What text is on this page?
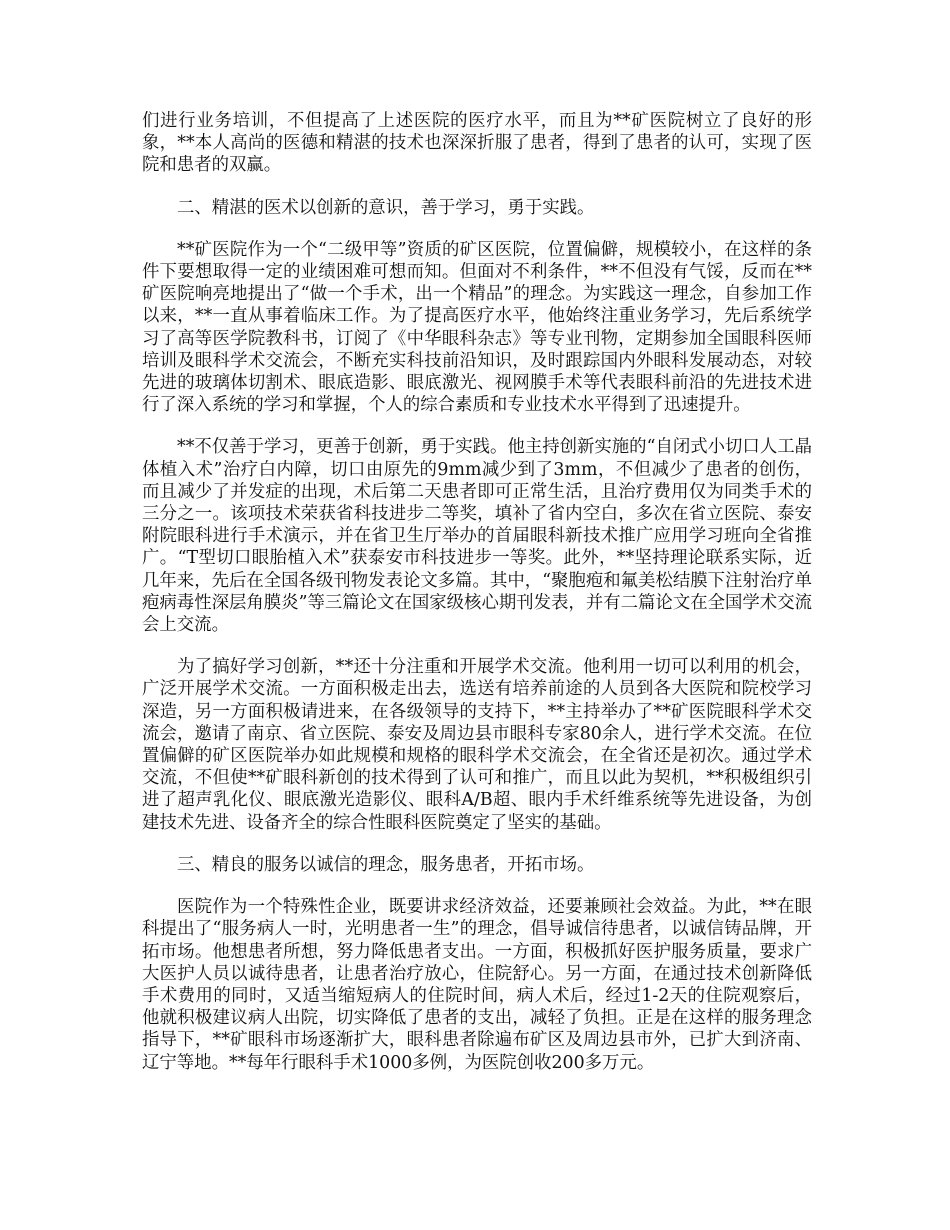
们进行业务培训，不但提高了上述医院的医疗水平，而且为**矿医院树立了良好的形象，**本人高尚的医德和精湛的技术也深深折服了患者，得到了患者的认可，实现了医院和患者的双赢。

二、精湛的医术以创新的意识，善于学习，勇于实践。

**矿医院作为一个“二级甲等”资质的矿区医院，位置偏僻，规模较小，在这样的条件下要想取得一定的业绩困难可想而知。但面对不利条件，**不但没有气馁，反而在**矿医院响亮地提出了“做一个手术，出一个精品”的理念。为实践这一理念，自参加工作以来，**一直从事着临床工作。为了提高医疗水平，他始终注重业务学习，先后系统学习了高等医学院教科书，订阅了《中华眼科杂志》等专业刊物，定期参加全国眼科医师培训及眼科学术交流会，不断充实科技前沿知识，及时跟踪国内外眼科发展动态，对较先进的玻璃体切割术、眼底造影、眼底激光、视网膜手术等代表眼科前沿的先进技术进行了深入系统的学习和掌握，个人的综合素质和专业技术水平得到了迅速提升。

**不仅善于学习，更善于创新，勇于实践。他主持创新实施的“自闭式小切口人工晶体植入术”治疗白内障，切口由原先的9mm减少到了3mm，不但减少了患者的创伤，而且减少了并发症的出现，术后第二天患者即可正常生活，且治疗费用仅为同类手术的三分之一。该项技术荣获省科技进步二等奖，填补了省内空白，多次在省立医院、泰安附院眼科进行手术演示，并在省卫生厅举办的首届眼科新技术推广应用学习班向全省推广。“T型切口眼胎植入术”获泰安市科技进步一等奖。此外，**坚持理论联系实际，近几年来，先后在全国各级刊物发表论文多篇。其中，“聚胞疱和氟美松结膜下注射治疗单疱病毒性深层角膜炎”等三篇论文在国家级核心期刊发表，并有二篇论文在全国学术交流会上交流。

为了搞好学习创新，**还十分注重和开展学术交流。他利用一切可以利用的机会，广泛开展学术交流。一方面积极走出去，选送有培养前途的人员到各大医院和院校学习深造，另一方面积极请进来，在各级领导的支持下，**主持举办了**矿医院眼科学术交流会，邀请了南京、省立医院、泰安及周边县市眼科专家80余人，进行学术交流。在位置偏僻的矿区医院举办如此规模和规格的眼科学术交流会，在全省还是初次。通过学术交流，不但使**矿眼科新创的技术得到了认可和推广，而且以此为契机，**积极组织引进了超声乳化仪、眼底激光造影仪、眼科A/B超、眼内手术纤维系统等先进设备，为创建技术先进、设备齐全的综合性眼科医院奠定了坚实的基础。

三、精良的服务以诚信的理念，服务患者，开拓市场。

医院作为一个特殊性企业，既要讲求经济效益，还要兼顾社会效益。为此，**在眼科提出了“服务病人一时，光明患者一生”的理念，倡导诚信待患者，以诚信铸品牌，开拓市场。他想患者所想，努力降低患者支出。一方面，积极抓好医护服务质量，要求广大医护人员以诚待患者，让患者治疗放心，住院舒心。另一方面，在通过技术创新降低手术费用的同时，又适当缩短病人的住院时间，病人术后，经过1-2天的住院观察后，他就积极建议病人出院，切实降低了患者的支出，减轻了负担。正是在这样的服务理念指导下，**矿眼科市场逐渐扩大，眼科患者除遍布矿区及周边县市外，已扩大到济南、辽宁等地。**每年行眼科手术1000多例，为医院创收200多万元。
